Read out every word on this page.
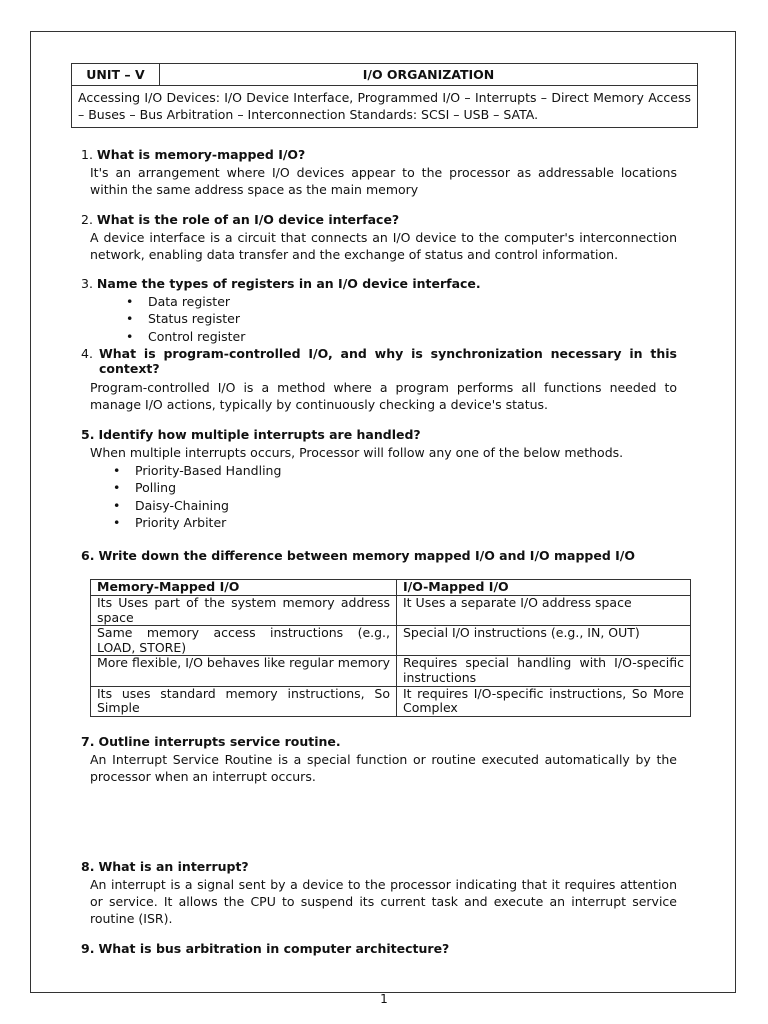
UNIT – V	I/O ORGANIZATION
Accessing I/O Devices: I/O Device Interface, Programmed I/O – Interrupts – Direct Memory Access – Buses – Bus Arbitration – Interconnection Standards: SCSI – USB – SATA.
1. What is memory-mapped I/O?
It's an arrangement where I/O devices appear to the processor as addressable locations within the same address space as the main memory
2. What is the role of an I/O device interface?
A device interface is a circuit that connects an I/O device to the computer's interconnection network, enabling data transfer and the exchange of status and control information.
3. Name the types of registers in an I/O device interface.
• Data register
• Status register
• Control register
4. What is program-controlled I/O, and why is synchronization necessary in this
context?
Program-controlled I/O is a method where a program performs all functions needed to manage I/O actions, typically by continuously checking a device's status.
5. Identify how multiple interrupts are handled?
When multiple interrupts occurs, Processor will follow any one of the below methods.
• Priority-Based Handling
• Polling
• Daisy-Chaining
• Priority Arbiter
6. Write down the difference between memory mapped I/O and I/O mapped I/O
Memory-Mapped I/O	I/O-Mapped I/O
Its Uses part of the system memory address space	It Uses a separate I/O address space
Same memory access instructions (e.g., LOAD, STORE)	Special I/O instructions (e.g., IN, OUT)
More flexible, I/O behaves like regular memory	Requires special handling with I/O-specific instructions
Its uses standard memory instructions, So Simple	It requires I/O-specific instructions, So More Complex
7. Outline interrupts service routine.
An Interrupt Service Routine is a special function or routine executed automatically by the processor when an interrupt occurs.
8. What is an interrupt?
An interrupt is a signal sent by a device to the processor indicating that it requires attention or service. It allows the CPU to suspend its current task and execute an interrupt service routine (ISR).
9. What is bus arbitration in computer architecture?
1
